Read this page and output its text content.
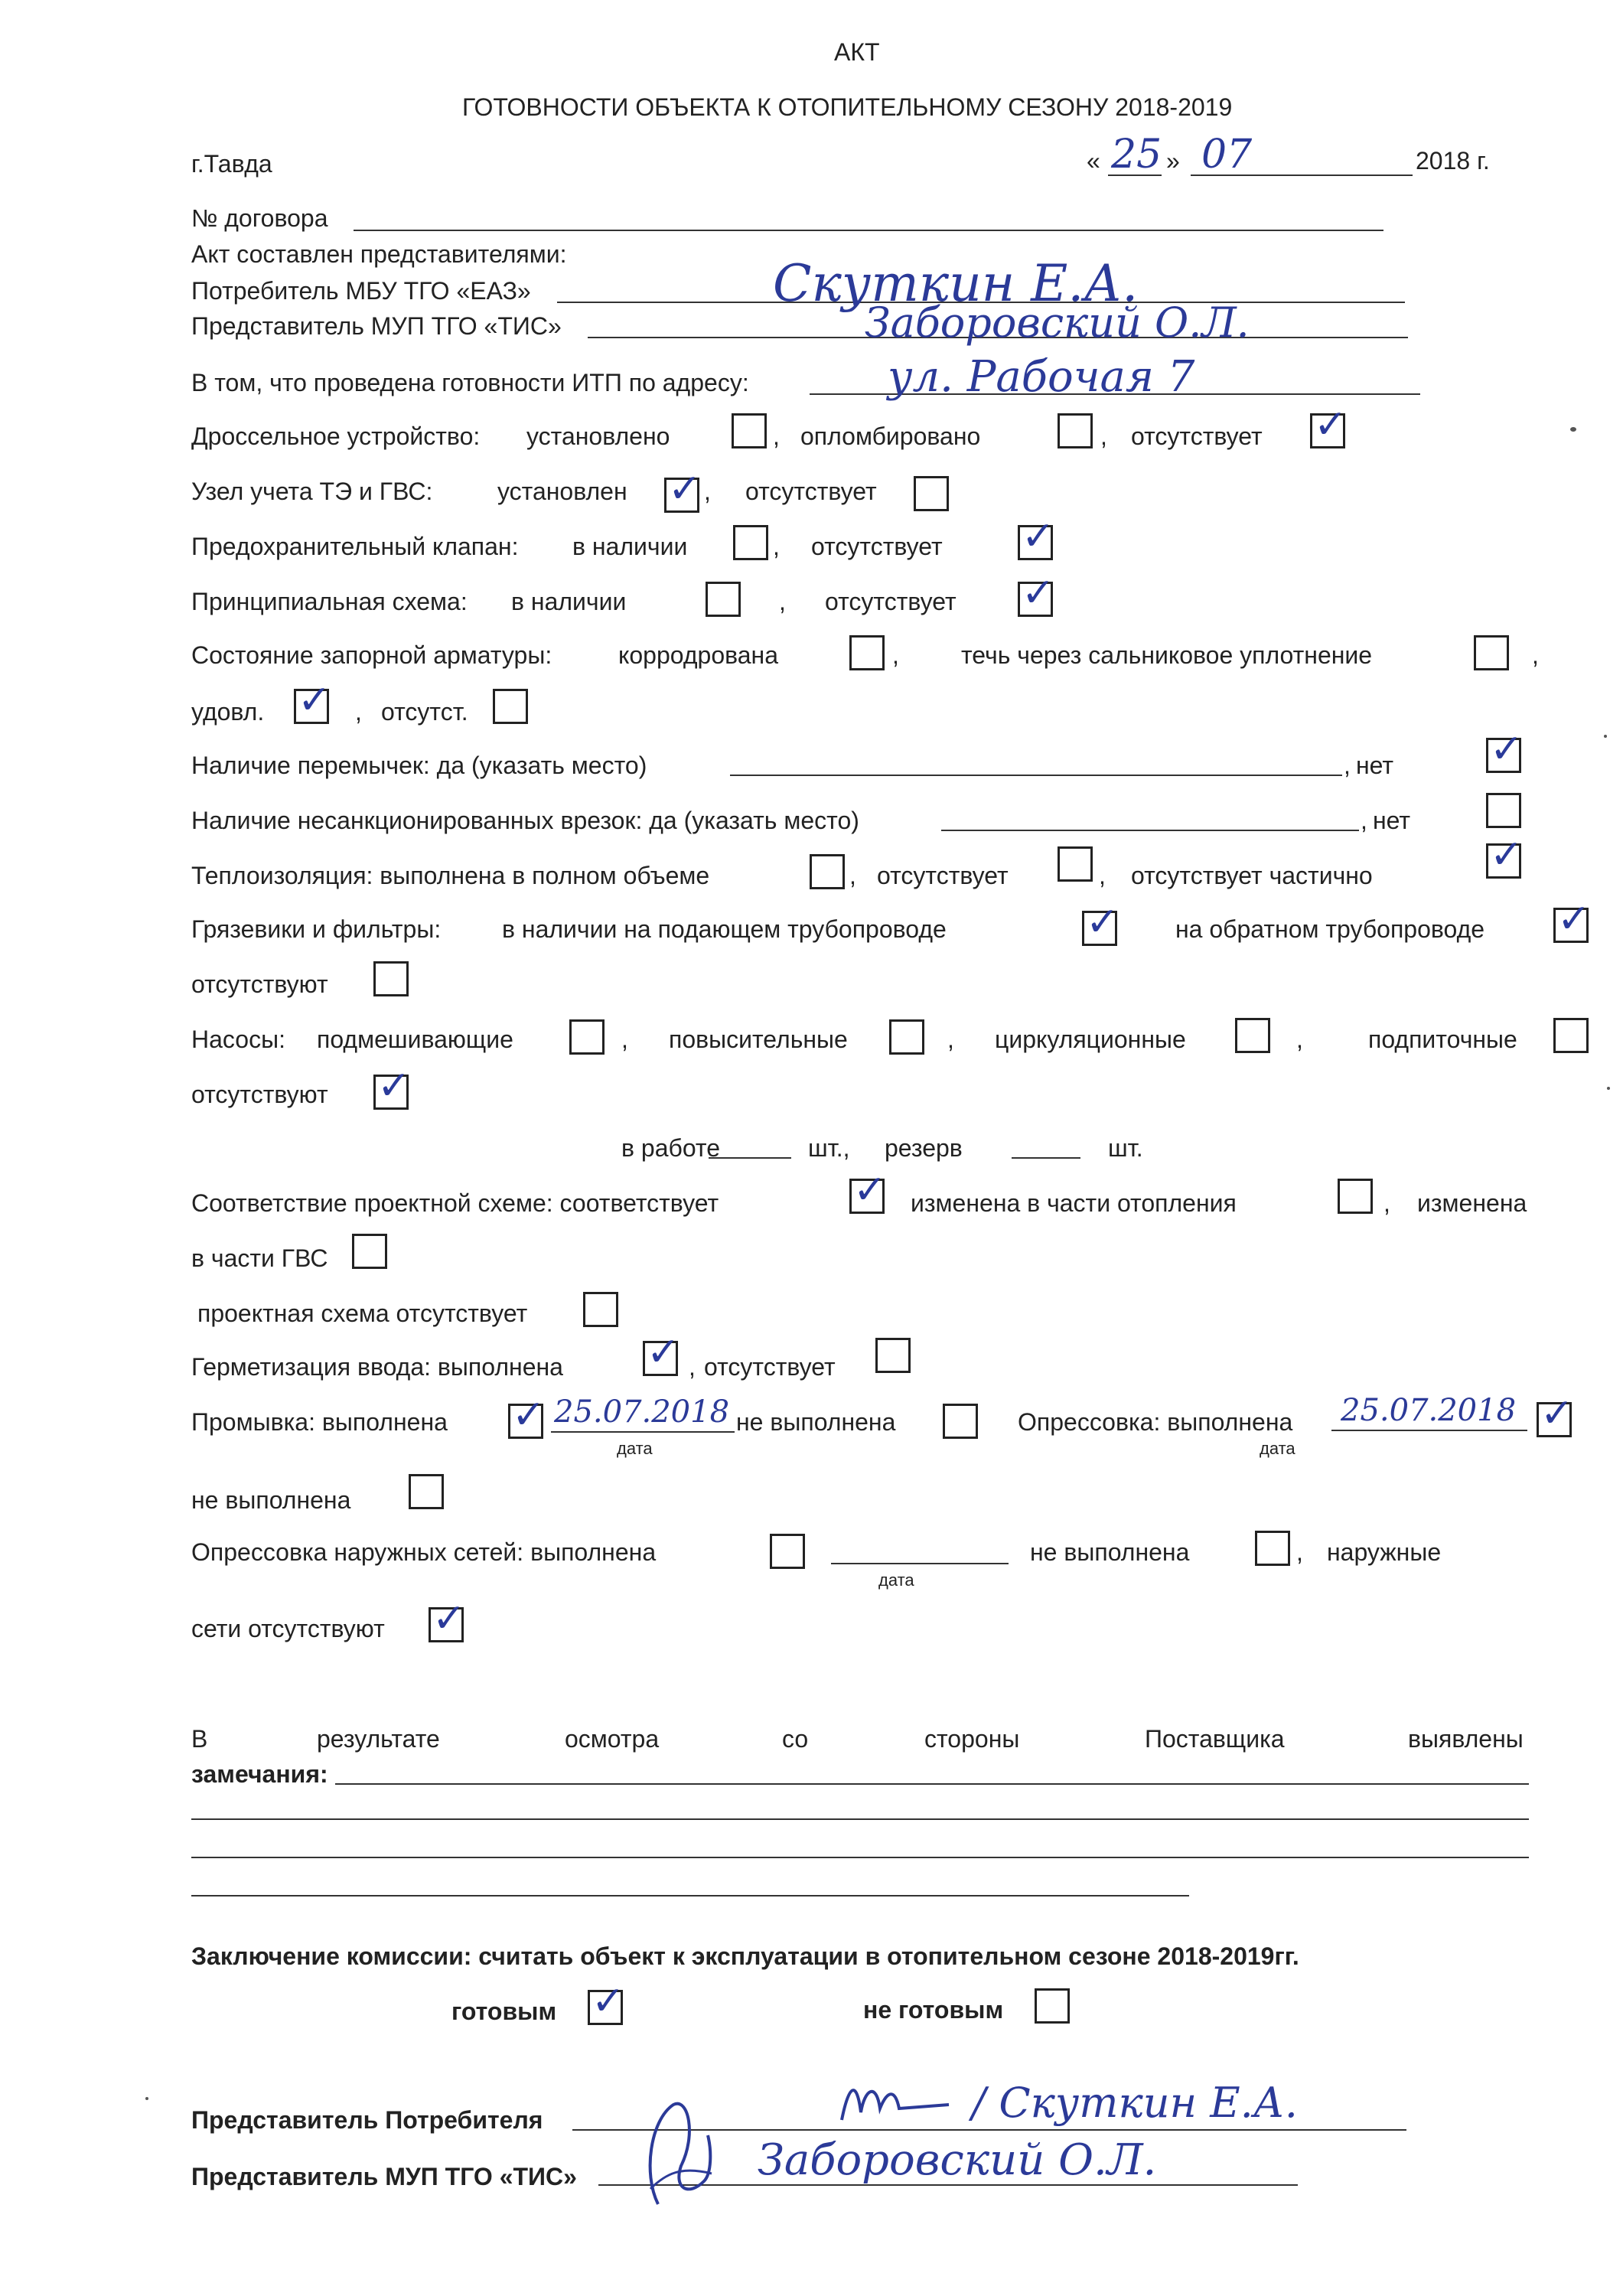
АКТ
ГОТОВНОСТИ ОБЪЕКТА К ОТОПИТЕЛЬНОМУ СЕЗОНУ 2018-2019
г.Тавда	« 25 » 07	2018 г.
№ договора
Акт составлен представителями:
Потребитель МБУ ТГО «ЕАЗ»	Скуткин Е.А.
Представитель МУП ТГО «ТИС»	Заборовский О.Л.
В том, что проведена готовности ИТП по адресу:	ул. Рабочая 7
Дроссельное устройство: установлено	, опломбировано	, отсутствует ✓
Узел учета ТЭ и ГВС:	установлен ✓ , отсутствует
Предохранительный клапан: в наличии	, отсутствует ✓
Принципиальная схема: в наличии	, отсутствует ✓
Состояние запорной арматуры:	корродрована	,	течь через сальниковое уплотнение	,
удовл. ✓ , отсутст.
Наличие перемычек: да (указать место)	, нет ✓
Наличие несанкционированных врезок: да (указать место)	, нет
Теплоизоляция: выполнена в полном объеме	, отсутствует	, отсутствует частично	✓
Грязевики и фильтры: в наличии на подающем трубопроводе	✓ на обратном трубопроводе ✓
отсутствуют
Насосы: подмешивающие	, повысительные	, циркуляционные	,	подпиточные
отсутствуют ✓
в работе	шт., резерв	шт.
Соответствие проектной схеме: соответствует	✓ изменена в части отопления	, изменена
в части ГВС
проектная схема отсутствует
Герметизация ввода: выполнена ✓ , отсутствует
Промывка: выполнена ✓ 25.07.2018
дата
не выполнена	Опрессовка: выполнена 25.07.2018
дата
✓
не выполнена
Опрессовка наружных сетей: выполнена
дата
не выполнена	, наружные
сети отсутствуют ✓
В	результате	осмотра	со	стороны	Поставщика	выявлены
замечания:
Заключение комиссии: считать объект к эксплуатации в отопительном сезоне 2018-2019гг.
готовым ✓	не готовым
Представитель Потребителя	/ Скуткин Е.А.
Представитель МУП ТГО «ТИС»	Заборовский О.Л.
